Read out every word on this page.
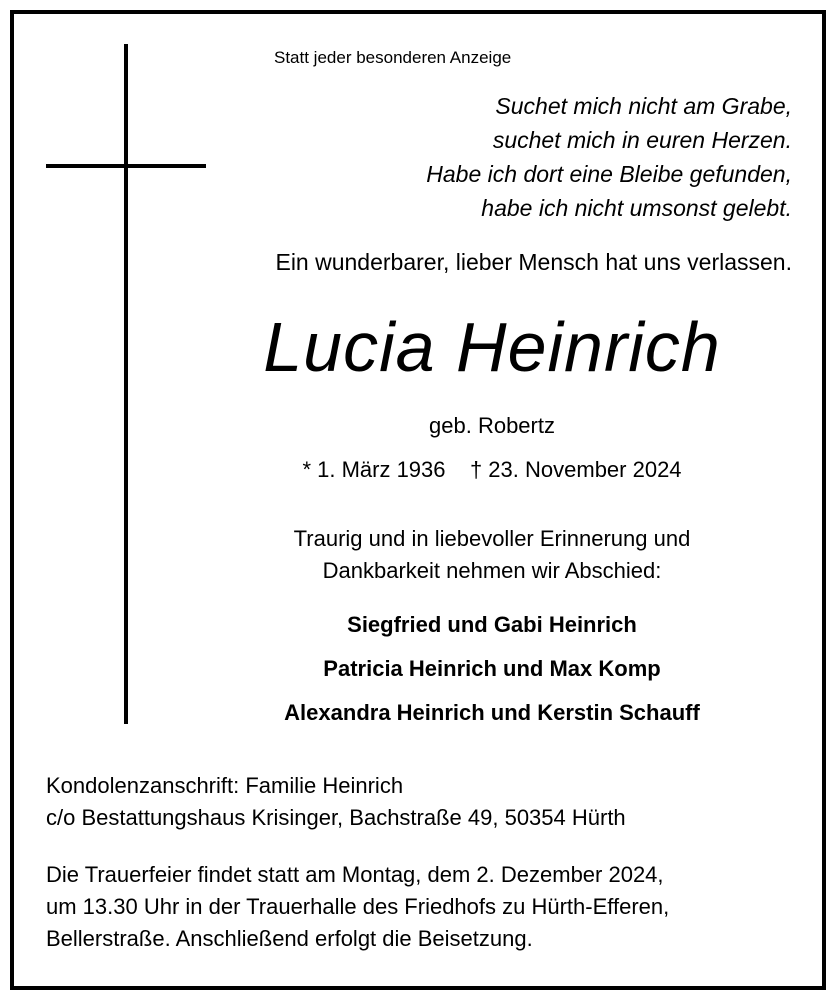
Statt jeder besonderen Anzeige
Suchet mich nicht am Grabe,
suchet mich in euren Herzen.
Habe ich dort eine Bleibe gefunden,
habe ich nicht umsonst gelebt.
Ein wunderbarer, lieber Mensch hat uns verlassen.
Lucia Heinrich
geb. Robertz
* 1. März 1936    † 23. November 2024
Traurig und in liebevoller Erinnerung und
Dankbarkeit nehmen wir Abschied:
Siegfried und Gabi Heinrich
Patricia Heinrich und Max Komp
Alexandra Heinrich und Kerstin Schauff
Kondolenzanschrift: Familie Heinrich
c/o Bestattungshaus Krisinger, Bachstraße 49, 50354 Hürth
Die Trauerfeier findet statt am Montag, dem 2. Dezember 2024,
um 13.30 Uhr in der Trauerhalle des Friedhofs zu Hürth-Efferen,
Bellerstraße. Anschließend erfolgt die Beisetzung.
